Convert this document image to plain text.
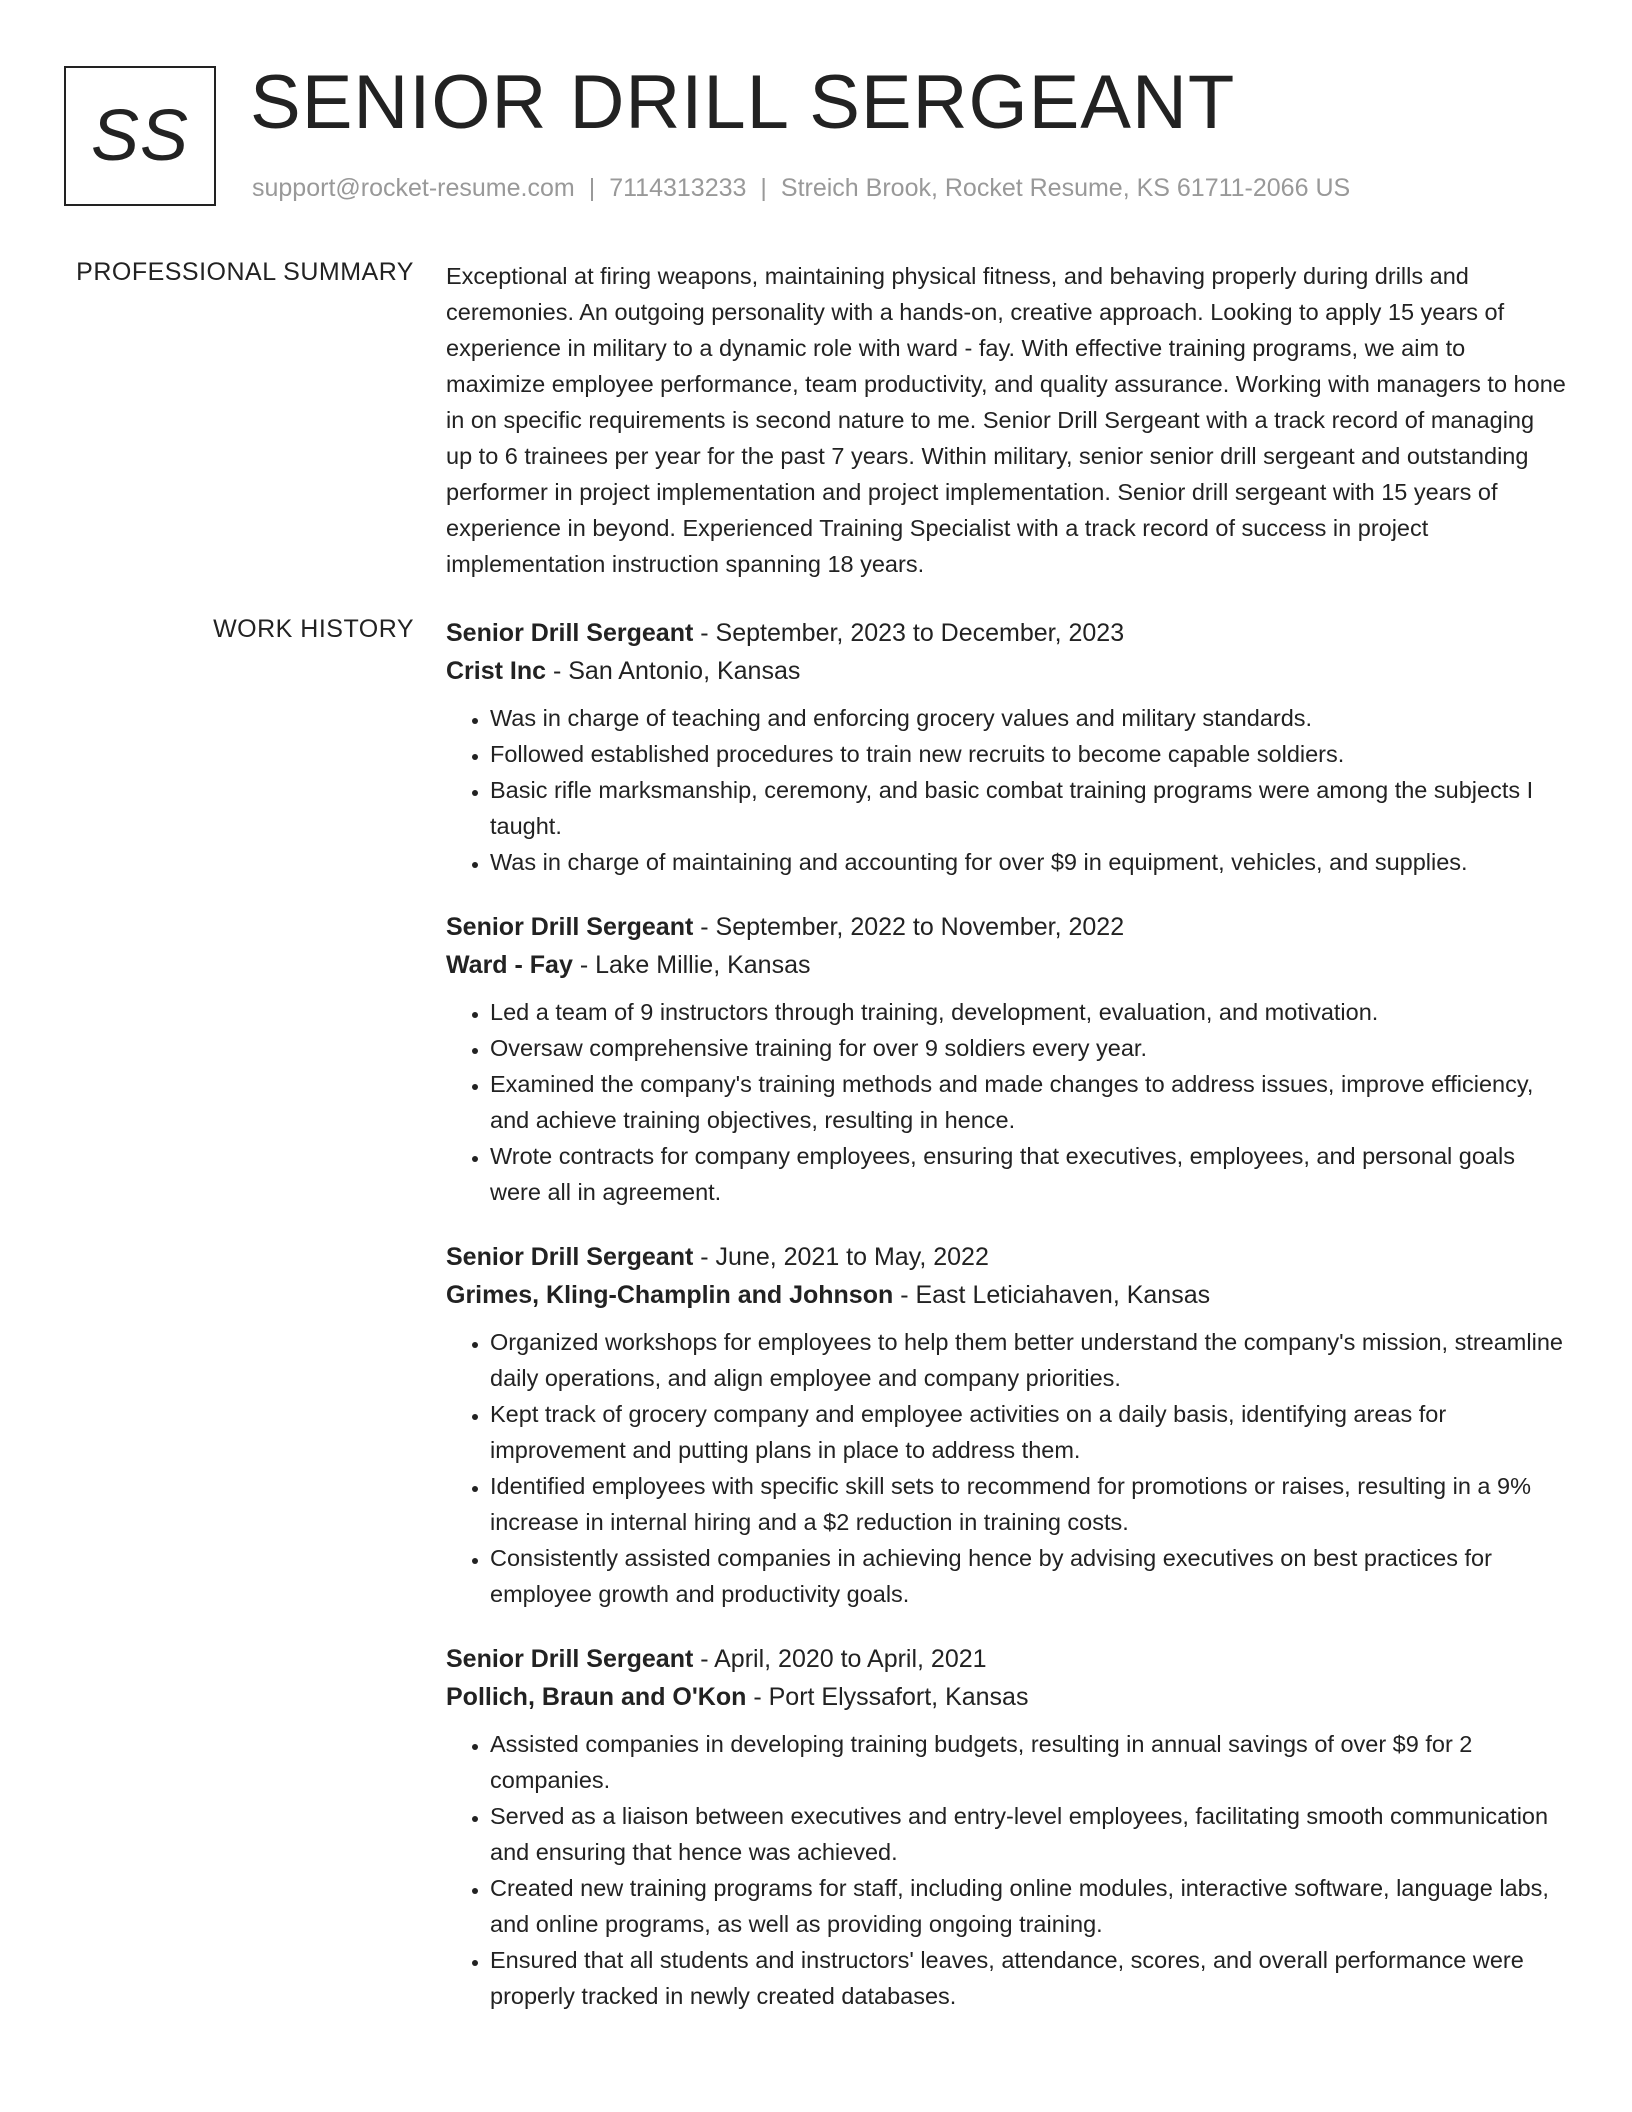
SS SENIOR DRILL SERGEANT
support@rocket-resume.com | 7114313233 | Streich Brook, Rocket Resume, KS 61711-2066 US
PROFESSIONAL SUMMARY Exceptional at firing weapons, maintaining physical fitness, and behaving properly during drills and ceremonies. An outgoing personality with a hands-on, creative approach. Looking to apply 15 years of experience in military to a dynamic role with ward - fay. With effective training programs, we aim to maximize employee performance, team productivity, and quality assurance. Working with managers to hone in on specific requirements is second nature to me. Senior Drill Sergeant with a track record of managing up to 6 trainees per year for the past 7 years. Within military, senior senior drill sergeant and outstanding performer in project implementation and project implementation. Senior drill sergeant with 15 years of experience in beyond. Experienced Training Specialist with a track record of success in project implementation instruction spanning 18 years.
WORK HISTORY Senior Drill Sergeant - September, 2023 to December, 2023
Crist Inc - San Antonio, Kansas
• Was in charge of teaching and enforcing grocery values and military standards.
• Followed established procedures to train new recruits to become capable soldiers.
• Basic rifle marksmanship, ceremony, and basic combat training programs were among the subjects I taught.
• Was in charge of maintaining and accounting for over $9 in equipment, vehicles, and supplies.
Senior Drill Sergeant - September, 2022 to November, 2022
Ward - Fay - Lake Millie, Kansas
• Led a team of 9 instructors through training, development, evaluation, and motivation.
• Oversaw comprehensive training for over 9 soldiers every year.
• Examined the company's training methods and made changes to address issues, improve efficiency, and achieve training objectives, resulting in hence.
• Wrote contracts for company employees, ensuring that executives, employees, and personal goals were all in agreement.
Senior Drill Sergeant - June, 2021 to May, 2022
Grimes, Kling-Champlin and Johnson - East Leticiahaven, Kansas
• Organized workshops for employees to help them better understand the company's mission, streamline daily operations, and align employee and company priorities.
• Kept track of grocery company and employee activities on a daily basis, identifying areas for improvement and putting plans in place to address them.
• Identified employees with specific skill sets to recommend for promotions or raises, resulting in a 9% increase in internal hiring and a $2 reduction in training costs.
• Consistently assisted companies in achieving hence by advising executives on best practices for employee growth and productivity goals.
Senior Drill Sergeant - April, 2020 to April, 2021
Pollich, Braun and O'Kon - Port Elyssafort, Kansas
• Assisted companies in developing training budgets, resulting in annual savings of over $9 for 2 companies.
• Served as a liaison between executives and entry-level employees, facilitating smooth communication and ensuring that hence was achieved.
• Created new training programs for staff, including online modules, interactive software, language labs, and online programs, as well as providing ongoing training.
• Ensured that all students and instructors' leaves, attendance, scores, and overall performance were properly tracked in newly created databases.
